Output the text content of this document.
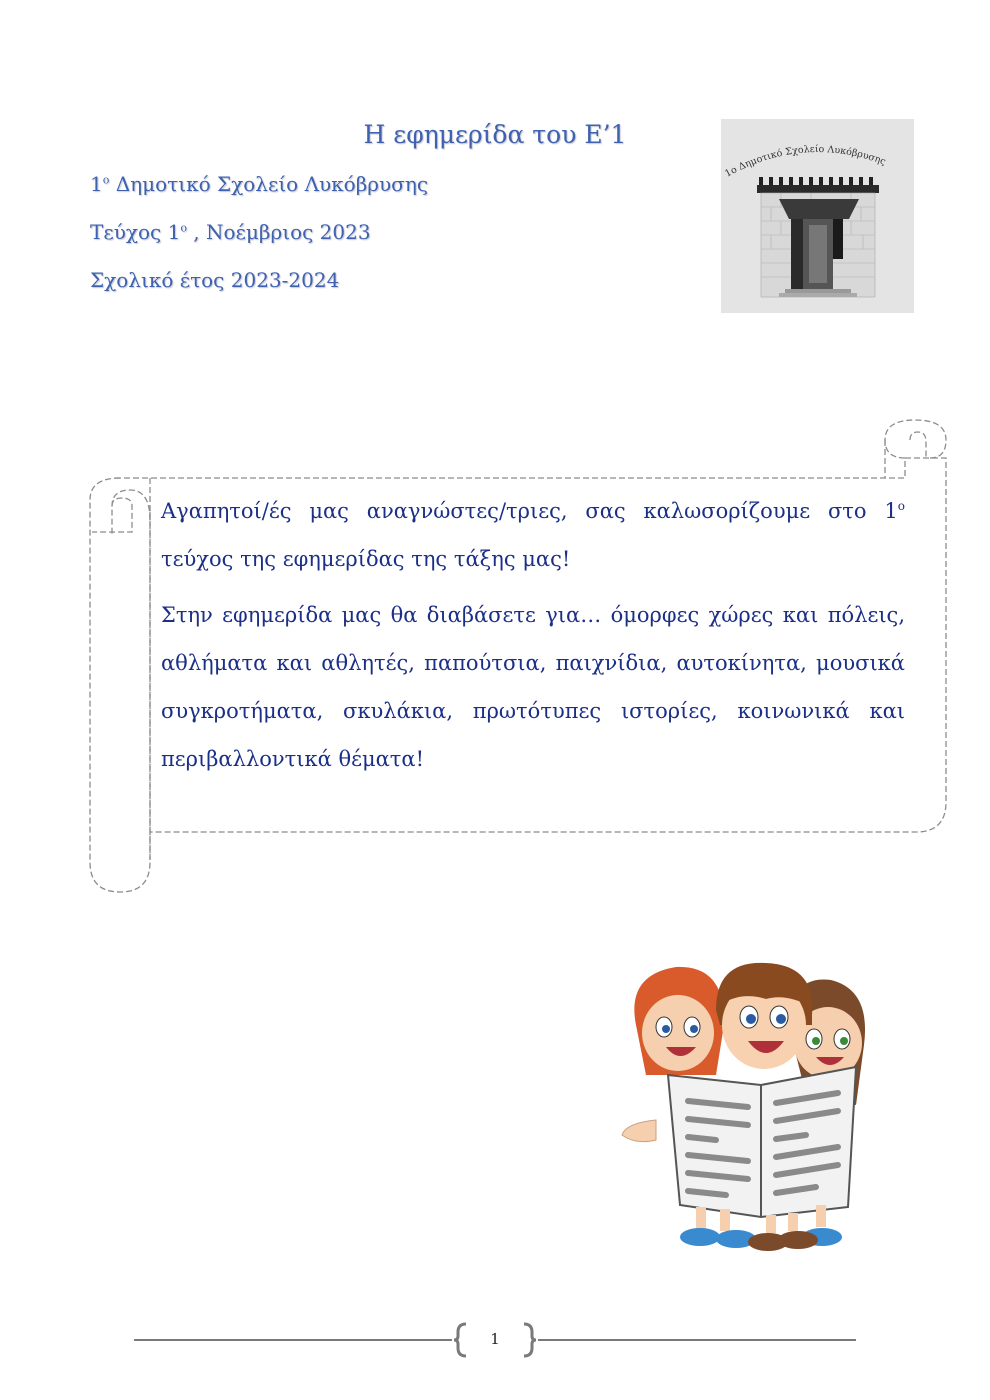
Η εφημερίδα του Ε’1
$1^o$ Δημοτικό Σχολείο Λυκόβρυσης
Τεύχος $1^o$ , Νοέμβριος 2023
Σχολικό έτος 2023-2024
1ο Δημοτικό Σχολείο Λυκόβρυσης

Αγαπητοί/ές μας αναγνώστες/τριες, σας καλωσορίζουμε στο $1^o$ τεύχος της εφημερίδας της τάξης μας!

Στην εφημερίδα μας θα διαβάσετε για… όμορφες χώρες και πόλεις, αθλήματα και αθλητές, παπούτσια, παιχνίδια, αυτοκίνητα, μουσικά συγκροτήματα, σκυλάκια, πρωτότυπες ιστορίες, κοινωνικά και περιβαλλοντικά θέματα!

1
